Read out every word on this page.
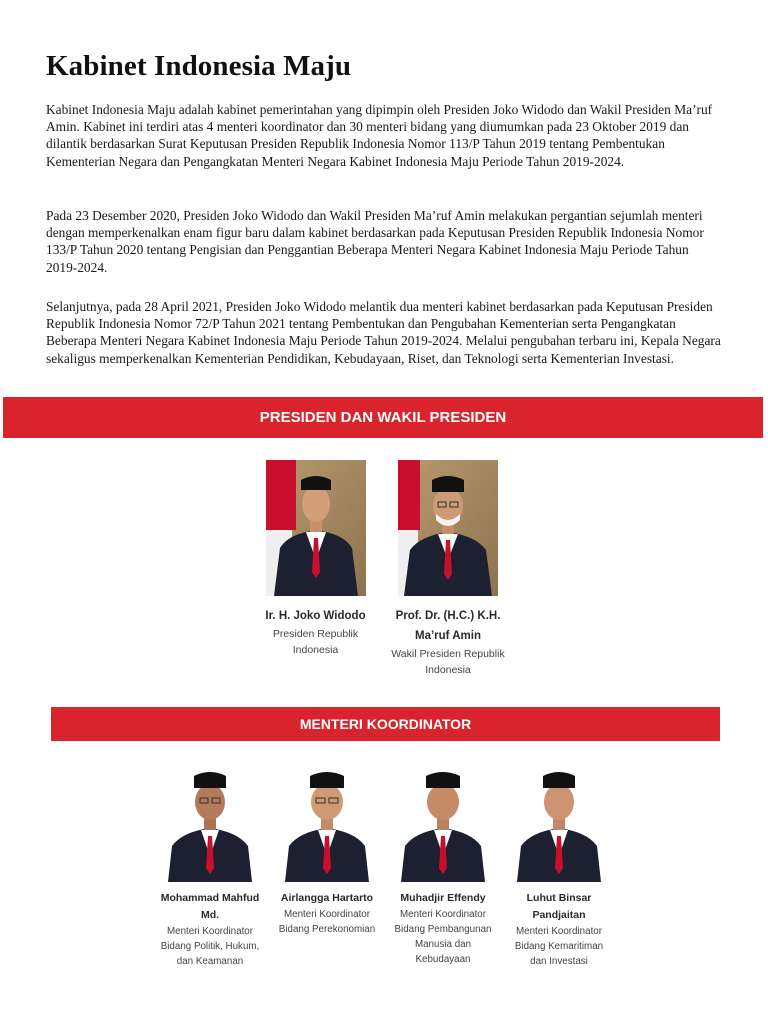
Kabinet Indonesia Maju

Kabinet Indonesia Maju adalah kabinet pemerintahan yang dipimpin oleh Presiden Joko Widodo dan Wakil Presiden Ma’ruf Amin. Kabinet ini terdiri atas 4 menteri koordinator dan 30 menteri bidang yang diumumkan pada 23 Oktober 2019 dan dilantik berdasarkan Surat Keputusan Presiden Republik Indonesia Nomor 113/P Tahun 2019 tentang Pembentukan Kementerian Negara dan Pengangkatan Menteri Negara Kabinet Indonesia Maju Periode Tahun 2019-2024.

Pada 23 Desember 2020, Presiden Joko Widodo dan Wakil Presiden Ma’ruf Amin melakukan pergantian sejumlah menteri dengan memperkenalkan enam figur baru dalam kabinet berdasarkan pada Keputusan Presiden Republik Indonesia Nomor 133/P Tahun 2020 tentang Pengisian dan Penggantian Beberapa Menteri Negara Kabinet Indonesia Maju Periode Tahun 2019-2024.

Selanjutnya, pada 28 April 2021, Presiden Joko Widodo melantik dua menteri kabinet berdasarkan pada Keputusan Presiden Republik Indonesia Nomor 72/P Tahun 2021 tentang Pembentukan dan Pengubahan Kementerian serta Pengangkatan Beberapa Menteri Negara Kabinet Indonesia Maju Periode Tahun 2019-2024. Melalui pengubahan terbaru ini, Kepala Negara sekaligus memperkenalkan Kementerian Pendidikan, Kebudayaan, Riset, dan Teknologi serta Kementerian Investasi.

PRESIDEN DAN WAKIL PRESIDEN
Ir. H. Joko Widodo
Presiden Republik Indonesia
Prof. Dr. (H.C.) K.H. Ma’ruf Amin
Wakil Presiden Republik Indonesia
MENTERI KOORDINATOR
Mohammad Mahfud Md.
Menteri Koordinator Bidang Politik, Hukum, dan Keamanan
Airlangga Hartarto
Menteri Koordinator Bidang Perekonomian
Muhadjir Effendy
Menteri Koordinator Bidang Pembangunan Manusia dan Kebudayaan
Luhut Binsar Pandjaitan
Menteri Koordinator Bidang Kemaritiman dan Investasi
